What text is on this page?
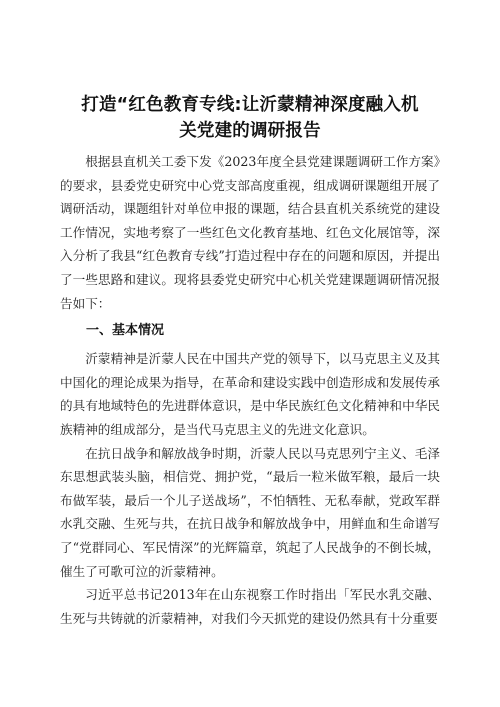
打造“红色教育专线:让沂蒙精神深度融入机
关党建的调研报告

根据县直机关工委下发《2023年度全县党建课题调研工作方案》的要求，县委党史研究中心党支部高度重视，组成调研课题组开展了调研活动，课题组针对单位申报的课题，结合县直机关系统党的建设工作情况，实地考察了一些红色文化教育基地、红色文化展馆等，深入分析了我县“红色教育专线”打造过程中存在的问题和原因，并提出了一些思路和建议。现将县委党史研究中心机关党建课题调研情况报告如下：

一、基本情况

沂蒙精神是沂蒙人民在中国共产党的领导下，以马克思主义及其中国化的理论成果为指导，在革命和建设实践中创造形成和发展传承的具有地域特色的先进群体意识，是中华民族红色文化精神和中华民族精神的组成部分，是当代马克思主义的先进文化意识。

在抗日战争和解放战争时期，沂蒙人民以马克思列宁主义、毛泽东思想武装头脑，相信党、拥护党，“最后一粒米做军粮，最后一块布做军装，最后一个儿子送战场”，不怕牺牲、无私奉献，党政军群水乳交融、生死与共，在抗日战争和解放战争中，用鲜血和生命谱写了“党群同心、军民情深”的光辉篇章，筑起了人民战争的不倒长城，催生了可歌可泣的沂蒙精神。

习近平总书记2013年在山东视察工作时指出「军民水乳交融、生死与共铸就的沂蒙精神，对我们今天抓党的建设仍然具有十分重要
